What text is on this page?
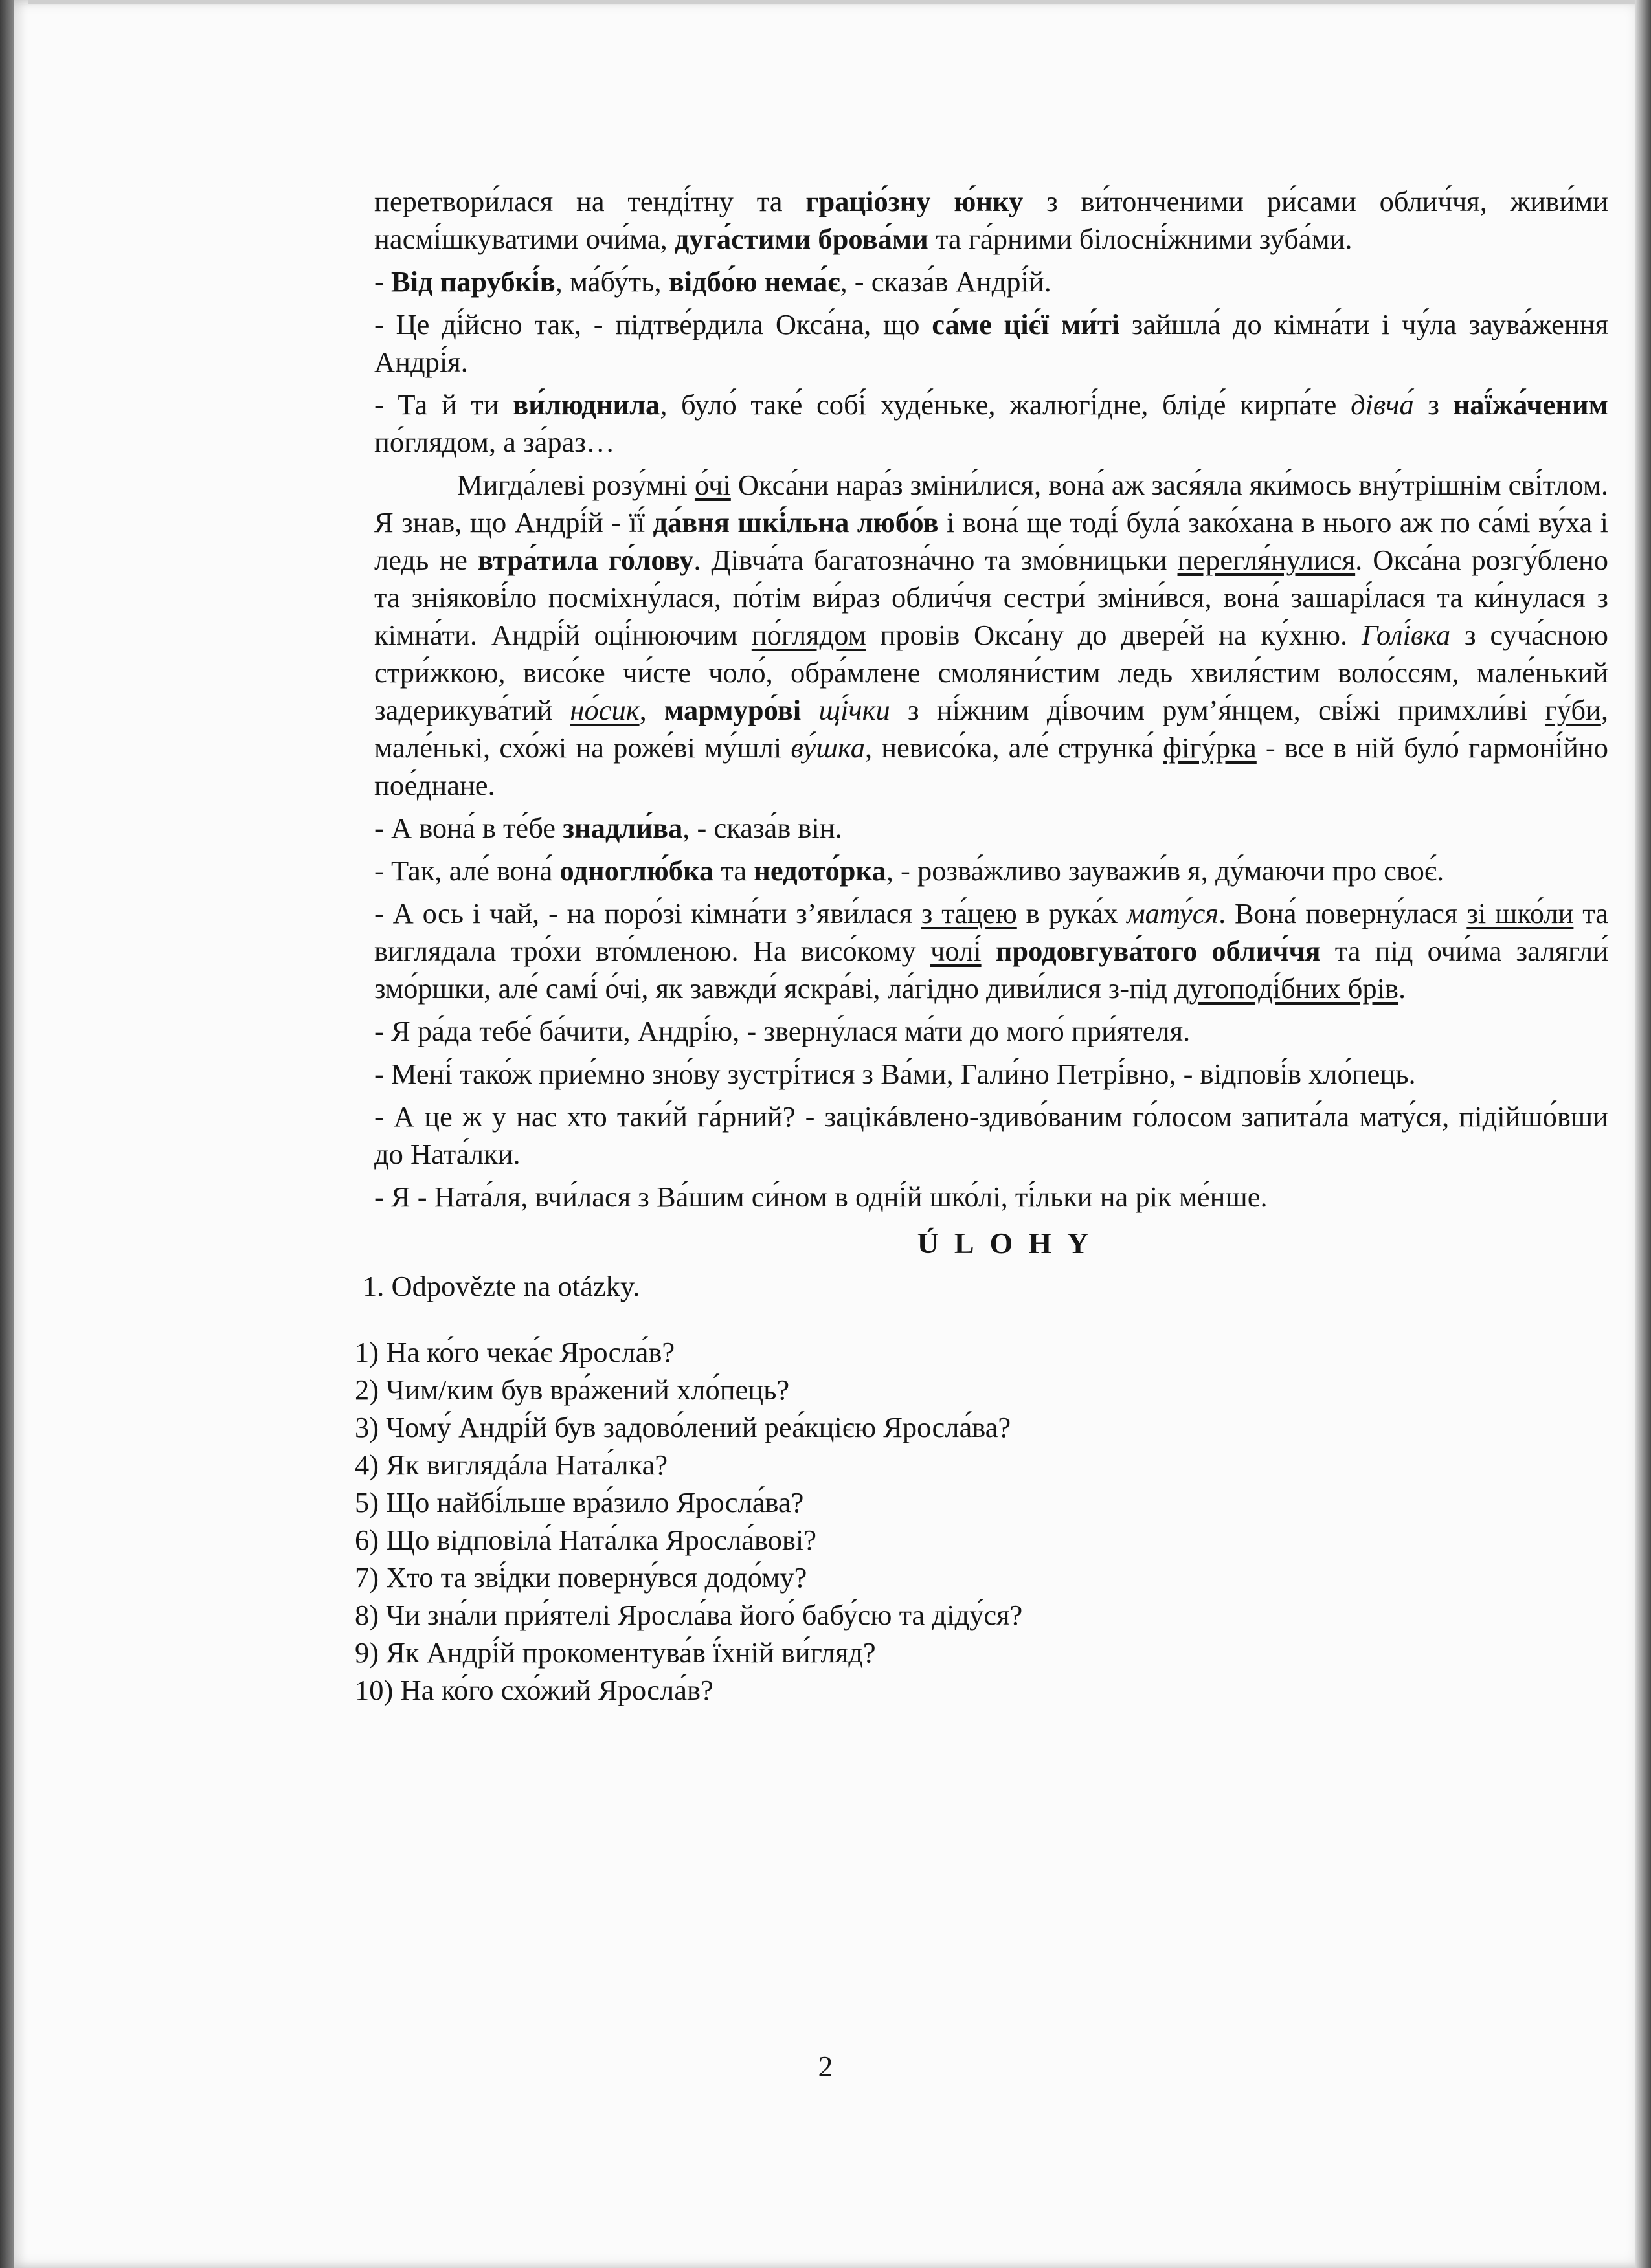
перетвори́лася на тенді́тну та граціо́зну ю́нку з ви́тонченими ри́сами облич́чя, живи́ми насмі́шкуватими очи́ма, дуга́стими брова́ми та га́рними білосні́жними зуба́ми.

- Від парубкі́в, ма́бу́ть, відбо́ю нема́є, - сказа́в Андрі́й.

- Це ді́йсно так, - підтве́рдила Окса́на, що са́ме ціє́ї ми́ті зайшла́ до кімна́ти і чу́ла заува́ження Андрі́я.

- Та й ти ви́люднила, було́ таке́ собі́ худе́ньке, жалюгі́дне, бліде́ кирпа́те дівча́ з наї́жа́ченим по́глядом, а за́раз…

Мигда́леві розу́мні о́чі Окса́ни нара́з зміни́лися, вона́ аж зася́яла яки́мось вну́трішнім сві́тлом. Я знав, що Андрі́й - її́ да́вня шкі́льна любо́в і вона́ ще тоді́ була́ зако́хана в нього аж по са́мі ву́ха і ледь не втра́тила го́лову. Дівча́та багатозна́чно та змо́вницьки перегля́нулися. Окса́на розгу́блено та зніякові́ло посміхну́лася, по́тім ви́раз облич́чя сестри́ зміни́вся, вона́ зашарі́лася та ки́нулася з кімна́ти. Андрі́й оці́нюючим по́глядом провів Окса́ну до двере́й на ку́хню. Голі́вка з суча́сною стри́жкою, висо́ке чи́сте чоло́, обра́млене смоляни́стим ледь хвиля́стим воло́ссям, мале́нький задерикува́тий но́сик, мармуро́ві щі́чки з ні́жним ді́вочим рум’я́нцем, сві́жі примхли́ві гу́би, мале́нькі, схо́жі на роже́ві му́шлі ву́шка, невисо́ка, але́ струнка́ фігу́рка - все в ній було́ гармоні́йно пое́днане.

- А вона́ в те́бе знадли́ва, - сказа́в він.

- Так, але́ вона́ одноглю́бка та недото́рка, - розва́жливо зауважи́в я, ду́маючи про своє́.

- А ось і чай, - на поро́зі кімна́ти з’яви́лася з та́цею в рука́х мату́ся. Вона́ поверну́лася зі шко́ли та виглядала тро́хи вто́мленою. На висо́кому чолі́ продовгува́того облич́чя та під очи́ма залягли́ змо́ршки, але́ самі́ о́чі, як завжди́ яскра́ві, ла́гідно диви́лися з-під дугоподі́бних брів.

- Я ра́да тебе́ ба́чити, Андрі́ю, - зверну́лася ма́ти до мого́ при́ятеля.

- Мені́ тако́ж прие́мно зно́ву зустрі́тися з Ва́ми, Гали́но Петрі́вно, - відпові́в хло́пець.

- А це ж у нас хто таки́й га́рний? - зацікáвлено-здиво́ваним го́лосом запита́ла мату́ся, підійшо́вши до Ната́лки.

- Я - Ната́ля, вчи́лася з Ва́шим си́ном в одні́й шко́лі, ті́льки на рік ме́нше.

ÚLOHY
1. Odpovězte na otázky.
1) На ко́го чека́є Яросла́в?
2) Чим/ким був вра́жений хло́пець?
3) Чому́ Андрі́й був задово́лений реа́кцією Яросла́ва?
4) Як виглядáла Ната́лка?
5) Що найбі́льше вра́зило Яросла́ва?
6) Що відповіла́ Ната́лка Яросла́вові?
7) Хто та зві́дки поверну́вся додо́му?
8) Чи зна́ли при́ятелі Яросла́ва його́ бабу́сю та діду́ся?
9) Як Андрі́й прокоментува́в ї́хній ви́гляд?
10) На ко́го схо́жий Яросла́в?
2
